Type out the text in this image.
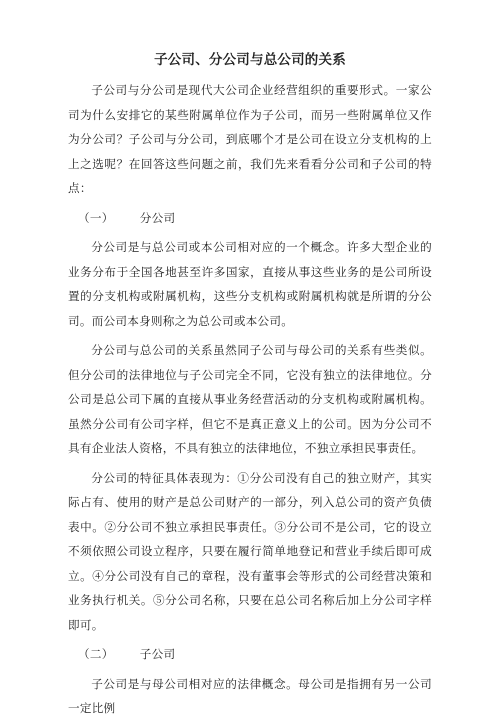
子公司、分公司与总公司的关系

子公司与分公司是现代大公司企业经营组织的重要形式。一家公司为什么安排它的某些附属单位作为子公司，而另一些附属单位又作为分公司？子公司与分公司，到底哪个才是公司在设立分支机构的上上之选呢？在回答这些问题之前，我们先来看看分公司和子公司的特点：

（一） 分公司

分公司是与总公司或本公司相对应的一个概念。许多大型企业的业务分布于全国各地甚至许多国家，直接从事这些业务的是公司所设置的分支机构或附属机构，这些分支机构或附属机构就是所谓的分公司。而公司本身则称之为总公司或本公司。

分公司与总公司的关系虽然同子公司与母公司的关系有些类似。但分公司的法律地位与子公司完全不同，它没有独立的法律地位。分公司是总公司下属的直接从事业务经营活动的分支机构或附属机构。虽然分公司有公司字样，但它不是真正意义上的公司。因为分公司不具有企业法人资格，不具有独立的法律地位，不独立承担民事责任。

分公司的特征具体表现为：①分公司没有自己的独立财产，其实际占有、使用的财产是总公司财产的一部分，列入总公司的资产负债表中。②分公司不独立承担民事责任。③分公司不是公司，它的设立不须依照公司设立程序，只要在履行简单地登记和营业手续后即可成立。④分公司没有自己的章程，没有董事会等形式的公司经营决策和业务执行机关。⑤分公司名称，只要在总公司名称后加上分公司字样即可。

（二） 子公司

子公司是与母公司相对应的法律概念。母公司是指拥有另一公司一定比例
